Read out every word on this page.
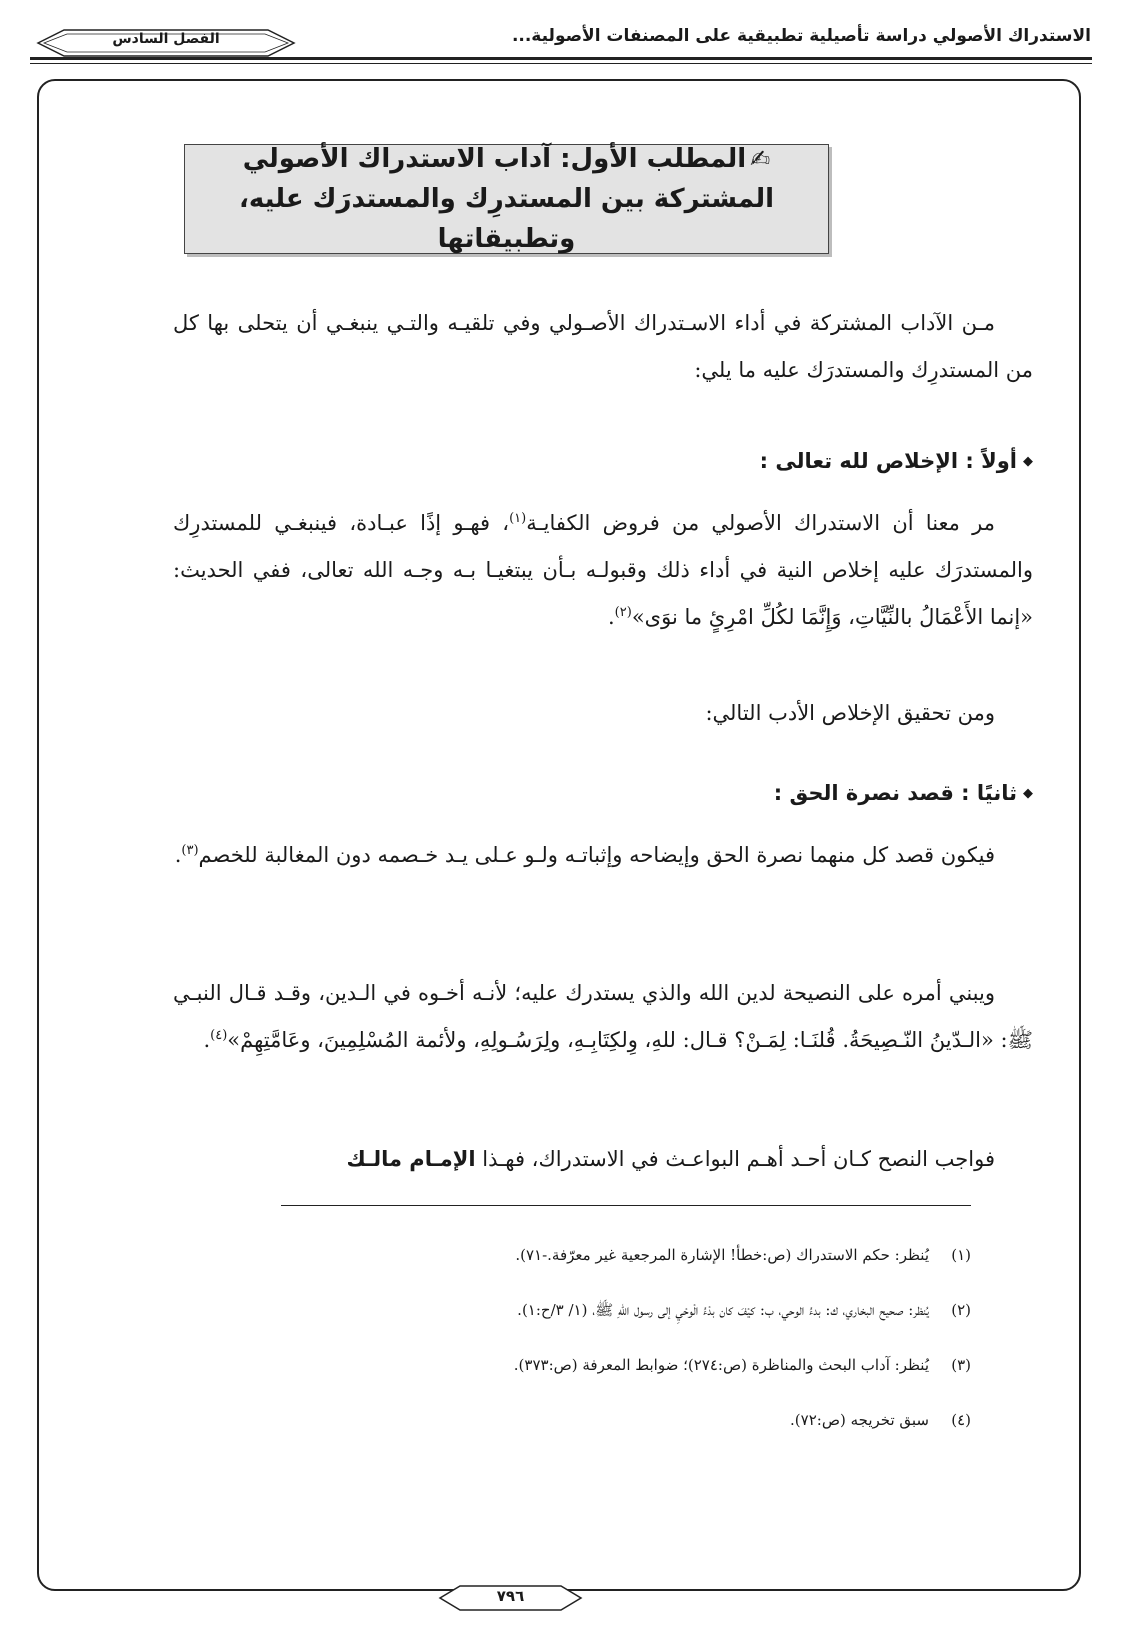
الاستدراك الأصولي دراسة تأصيلية تطبيقية على المصنفات الأصولية...
الفصل السادس
✍المطلب الأول: آداب الاستدراك الأصولي
المشتركة بين المستدرِك والمستدرَك عليه، وتطبيقاتها

مـن الآداب المشتركة في أداء الاسـتدراك الأصـولي وفي تلقيـه والتـي ينبغـي أن يتحلى بها كل من المستدرِك والمستدرَك عليه ما يلي:

◆أولاً : الإخلاص لله تعالى :

مر معنا أن الاستدراك الأصولي من فروض الكفايـة$^{(١)}$، فهـو إذًا عبـادة، فينبغـي للمستدرِك والمستدرَك عليه إخلاص النية في أداء ذلك وقبولـه بـأن يبتغيـا بـه وجـه الله تعالى، ففي الحديث: «إنما الأَعْمَالُ بالنِّيَّاتِ، وَإِنَّمَا لكُلِّ امْرِئٍ ما نوَى»$^{(٢)}$.

ومن تحقيق الإخلاص الأدب التالي:

◆ثانيًا : قصد نصرة الحق :

فيكون قصد كل منهما نصرة الحق وإيضاحه وإثباتـه ولـو عـلى يـد خـصمه دون المغالبة للخصم$^{(٣)}$.

ويبني أمره على النصيحة لدين الله والذي يستدرك عليه؛ لأنـه أخـوه في الـدين، وقـد قـال النبـي ﷺ: «الـدّينُ النّـصِيحَةُ. قُلنَـا: لِمَـنْ؟ قـال: للهِ، وِلكِتَابِـهِ، ولِرَسُـولِهِ، ولأئمة المُسْلِمِينَ، وعَامَّتِهِمْ»$^{(٤)}$.

فواجب النصح كـان أحـد أهـم البواعـث في الاستدراك، فهـذا الإمـام مالـك

(١)يُنظر: حكم الاستدراك (ص:خطأ! الإشارة المرجعية غير معرّفة.-٧١).
(٢)يُنظر: صحيح البخاري، ك: بدءُ الوحي، ب: كيْفَ كان بدْءُ الْوحْيِ إلى رسول اللهِ ﷺ، (١/ ٣/ح:١).
(٣)يُنظر: آداب البحث والمناظرة (ص:٢٧٤)؛ ضوابط المعرفة (ص:٣٧٣).
(٤)سبق تخريجه (ص:٧٢).
٧٩٦
